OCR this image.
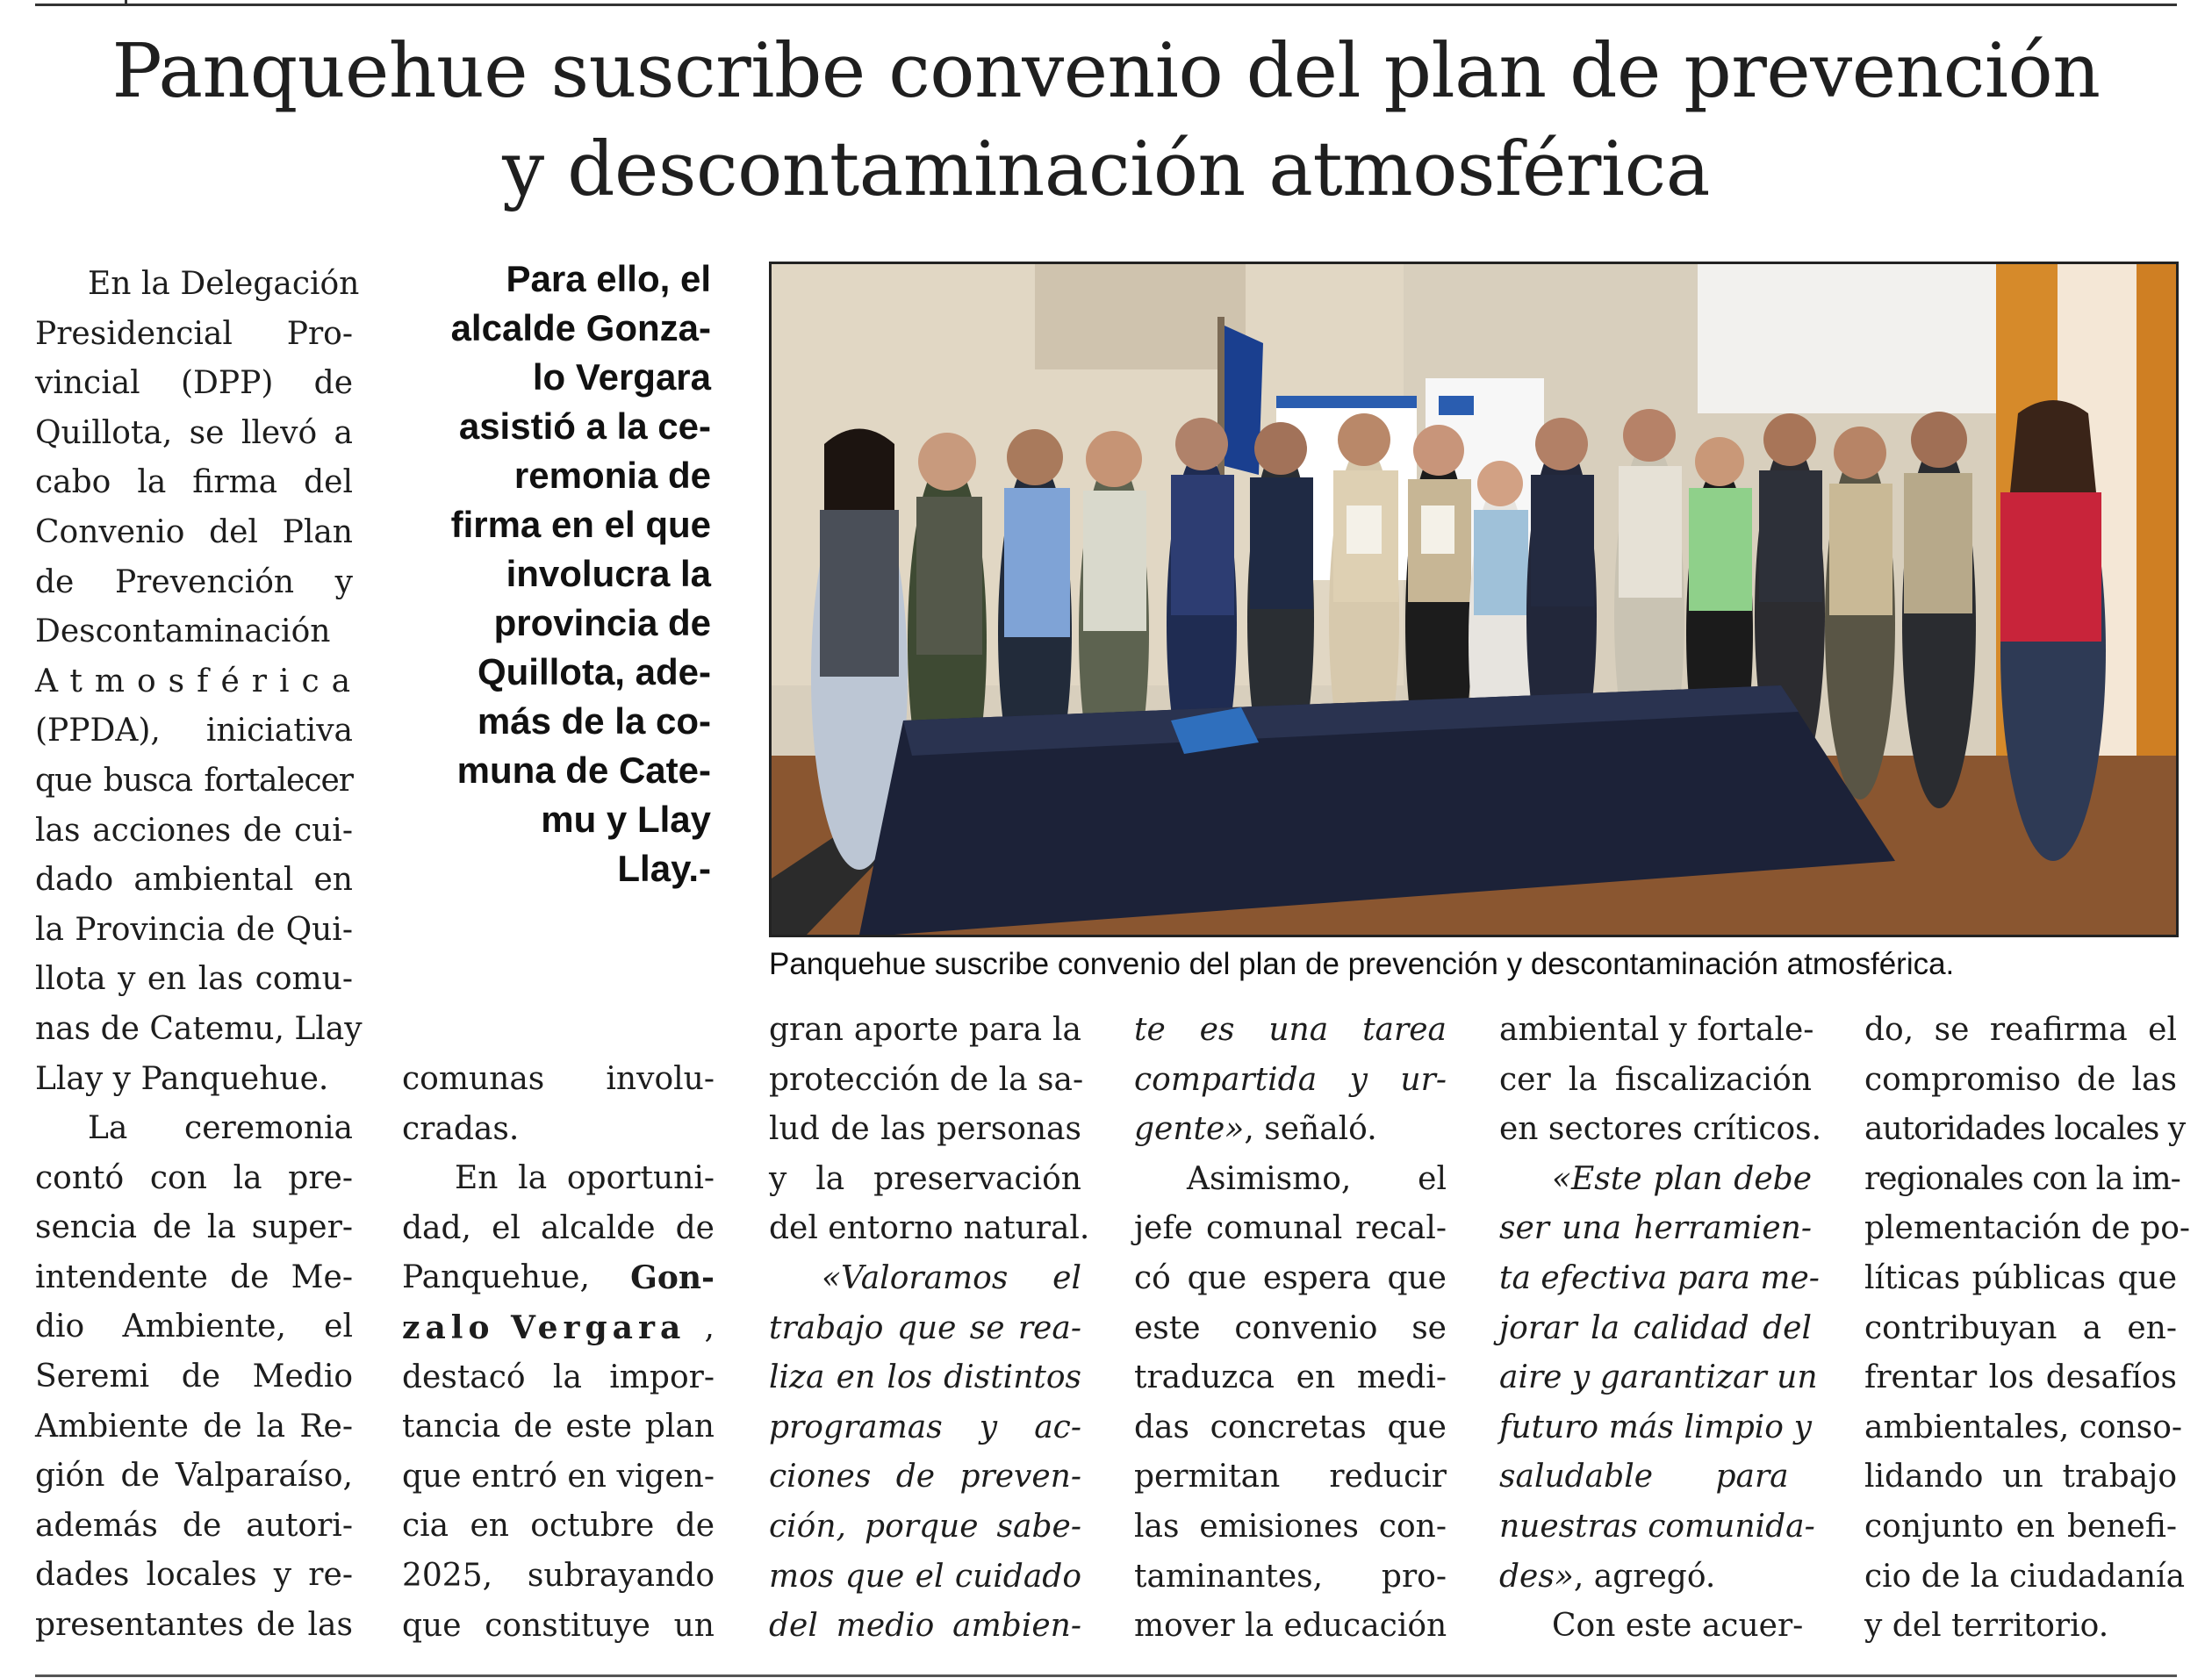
Panquehue suscribe convenio del plan de prevención
y descontaminación atmosférica
En la Delegación
Presidencial Pro-
vincial (DPP) de
Quillota, se llevó a
cabo la firma del
Convenio del Plan
de Prevención y
Descontaminación
Atmosférica
(PPDA), iniciativa
que busca fortalecer
las acciones de cui-
dado ambiental en
la Provincia de Qui-
llota y en las comu-
nas de Catemu, Llay
Llay y Panquehue.
La ceremonia
contó con la pre-
sencia de la super-
intendente de Me-
dio Ambiente, el
Seremi de Medio
Ambiente de la Re-
gión de Valparaíso,
además de autori-
dades locales y re-
presentantes de las
Para ello, el
alcalde Gonza-
lo Vergara
asistió a la ce-
remonia de
firma en el que
involucra la
provincia de
Quillota, ade-
más de la co-
muna de Cate-
mu y Llay
Llay.-
Panquehue suscribe convenio del plan de prevención y descontaminación atmosférica.
comunas involu-
cradas.
En la oportuni-
dad, el alcalde de
Panquehue, Gon-
zalo Vergara ,
destacó la impor-
tancia de este plan
que entró en vigen-
cia en octubre de
2025, subrayando
que constituye un
gran aporte para la
protección de la sa-
lud de las personas
y la preservación
del entorno natural.
«Valoramos el
trabajo que se rea-
liza en los distintos
programas y ac-
ciones de preven-
ción, porque sabe-
mos que el cuidado
del medio ambien-
te es una tarea
compartida y ur-
gente», señaló.
Asimismo, el
jefe comunal recal-
có que espera que
este convenio se
traduzca en medi-
das concretas que
permitan reducir
las emisiones con-
taminantes, pro-
mover la educación
ambiental y fortale-
cer la fiscalización
en sectores críticos.
«Este plan debe
ser una herramien-
ta efectiva para me-
jorar la calidad del
aire y garantizar un
futuro más limpio y
saludable para
nuestras comunida-
des», agregó.
Con este acuer-
do, se reafirma el
compromiso de las
autoridades locales y
regionales con la im-
plementación de po-
líticas públicas que
contribuyan a en-
frentar los desafíos
ambientales, conso-
lidando un trabajo
conjunto en benefi-
cio de la ciudadanía
y del territorio.
